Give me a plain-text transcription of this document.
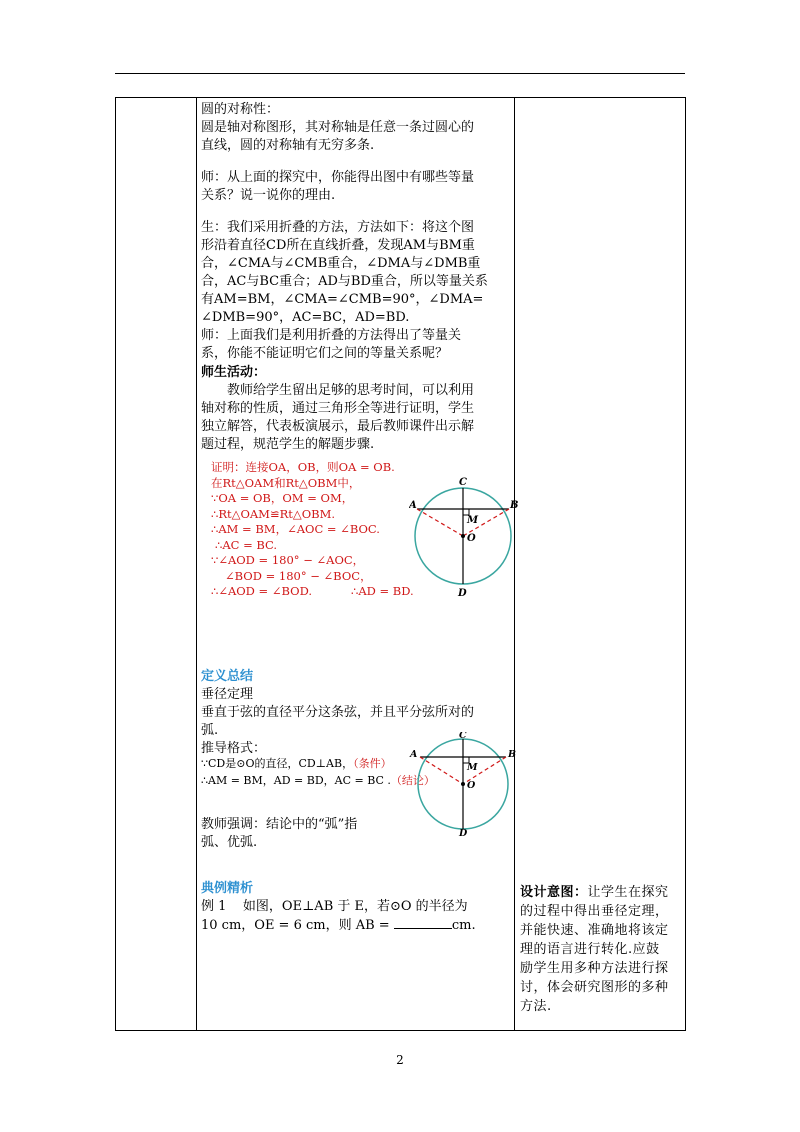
圆的对称性：

圆是轴对称图形，其对称轴是任意一条过圆心的

直线，圆的对称轴有无穷多条.

师：从上面的探究中，你能得出图中有哪些等量

关系？说一说你的理由.

生：我们采用折叠的方法，方法如下：将这个图

形沿着直径CD所在直线折叠，发现AM与BM重

合，∠CMA与∠CMB重合，∠DMA与∠DMB重

合，AC与BC重合；AD与BD重合，所以等量关系

有AM=BM，∠CMA=∠CMB=90°，∠DMA=

∠DMB=90°，AC=BC，AD=BD.

师：上面我们是利用折叠的方法得出了等量关

系，你能不能证明它们之间的等量关系呢？

师生活动：

教师给学生留出足够的思考时间，可以利用

轴对称的性质，通过三角形全等进行证明，学生

独立解答，代表板演展示，最后教师课件出示解

题过程，规范学生的解题步骤.

证明：连接OA，OB，则OA = OB.
在Rt△OAM和Rt△OBM中，
∵OA = OB，OM = OM，
∴Rt△OAM≌Rt△OBM.
∴AM = BM，∠AOC = ∠BOC.
∴AC = BC.
∵∠AOD = 180° − ∠AOC，
∠BOD = 180° − ∠BOC，
∴∠AOD = ∠BOD.	∴AD = BD.
C
A	B
M
O
D

定义总结

垂径定理

垂直于弦的直径平分这条弦，并且平分弦所对的

弧.

推导格式：

∵CD是⊙O的直径，CD⊥AB，（条件）
∴AM = BM，AD = BD，AC = BC .（结论）
C
A	B
M
O
D

教师强调：结论中的“弧”指

弧、优弧.

典例精析

例 1    如图，OE⊥AB 于 E，若⊙O 的半径为

10 cm，OE = 6 cm，则 AB =	cm.

设计意图：让学生在探究
的过程中得出垂径定理，
并能快速、准确地将该定
理的语言进行转化.应鼓
励学生用多种方法进行探
讨，体会研究图形的多种
方法.
2
